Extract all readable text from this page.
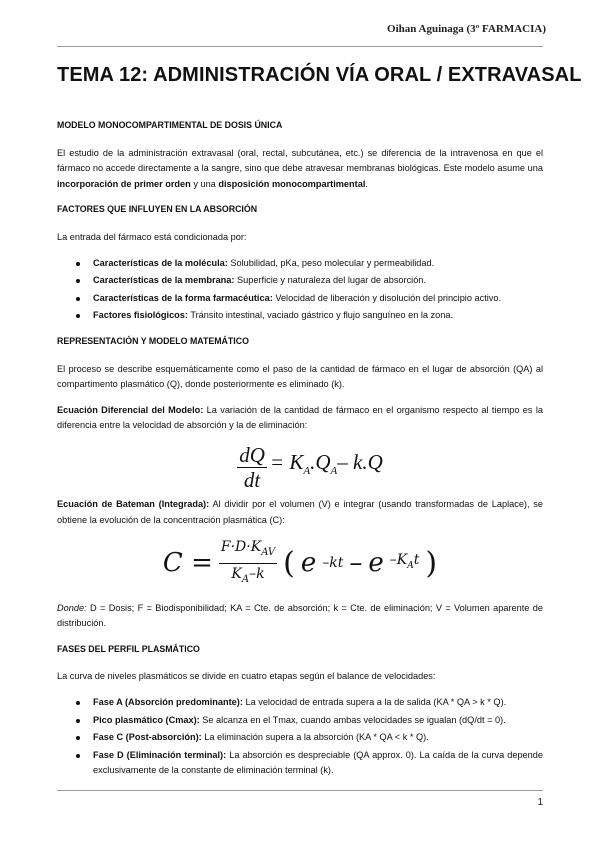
Oihan Aguinaga (3º FARMACIA)
TEMA 12: ADMINISTRACIÓN VÍA ORAL / EXTRAVASAL
MODELO MONOCOMPARTIMENTAL DE DOSIS ÚNICA
El estudio de la administración extravasal (oral, rectal, subcutánea, etc.) se diferencia de la intravenosa en que el fármaco no accede directamente a la sangre, sino que debe atravesar membranas biológicas. Este modelo asume una incorporación de primer orden y una disposición monocompartimental.
FACTORES QUE INFLUYEN EN LA ABSORCIÓN
La entrada del fármaco está condicionada por:
Características de la molécula: Solubilidad, pKa, peso molecular y permeabilidad.
Características de la membrana: Superficie y naturaleza del lugar de absorción.
Características de la forma farmacéutica: Velocidad de liberación y disolución del principio activo.
Factores fisiológicos: Tránsito intestinal, vaciado gástrico y flujo sanguíneo en la zona.
REPRESENTACIÓN Y MODELO MATEMÁTICO
El proceso se describe esquemáticamente como el paso de la cantidad de fármaco en el lugar de absorción (QA) al compartimento plasmático (Q), donde posteriormente es eliminado (k).
Ecuación Diferencial del Modelo: La variación de la cantidad de fármaco en el organismo respecto al tiempo es la diferencia entre la velocidad de absorción y la de eliminación:
$\frac{dQ}{dt} = K_A.Q_A-$ k.Q
Ecuación de Bateman (Integrada): Al dividir por el volumen (V) e integrar (usando transformadas de Laplace), se obtiene la evolución de la concentración plasmática (C):
$C = \frac{F\cdot D\cdot K_{AV}}{K_A-k}$ ( e –kt – e $-K_At$ )
Donde: D = Dosis; F = Biodisponibilidad; KA = Cte. de absorción; k = Cte. de eliminación; V = Volumen aparente de distribución.
FASES DEL PERFIL PLASMÁTICO
La curva de niveles plasmáticos se divide en cuatro etapas según el balance de velocidades:
Fase A (Absorción predominante): La velocidad de entrada supera a la de salida (KA * QA > k * Q).
Pico plasmático (Cmax): Se alcanza en el Tmax, cuando ambas velocidades se igualan (dQ/dt = 0).
Fase C (Post-absorción): La eliminación supera a la absorción (KA * QA < k * Q).
Fase D (Eliminación terminal): La absorción es despreciable (QA approx. 0). La caída de la curva depende exclusivamente de la constante de eliminación terminal (k).
1
